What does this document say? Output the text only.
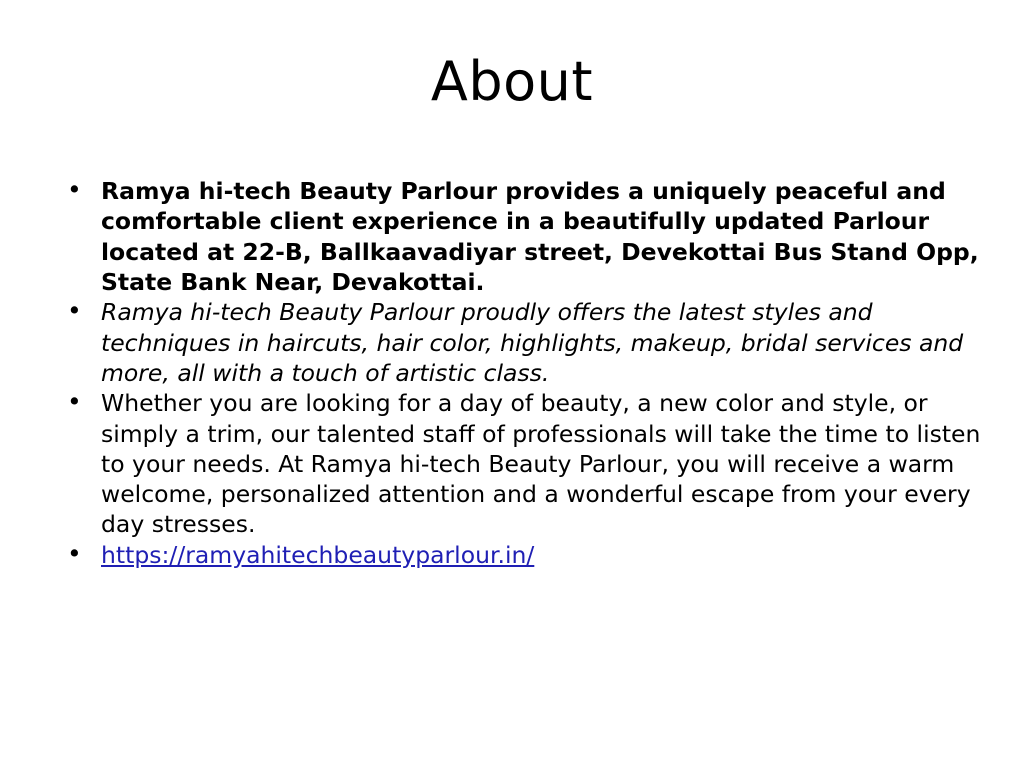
About
• Ramya hi-tech Beauty Parlour provides a uniquely peaceful and comfortable client experience in a beautifully updated Parlour located at 22-B, Ballkaavadiyar street, Devekottai Bus Stand Opp, State Bank Near, Devakottai.
• Ramya hi-tech Beauty Parlour proudly offers the latest styles and techniques in haircuts, hair color, highlights, makeup, bridal services and more, all with a touch of artistic class.
• Whether you are looking for a day of beauty, a new color and style, or simply a trim, our talented staff of professionals will take the time to listen to your needs. At Ramya hi-tech Beauty Parlour, you will receive a warm welcome, personalized attention and a wonderful escape from your every day stresses.
• https://ramyahitechbeautyparlour.in/
